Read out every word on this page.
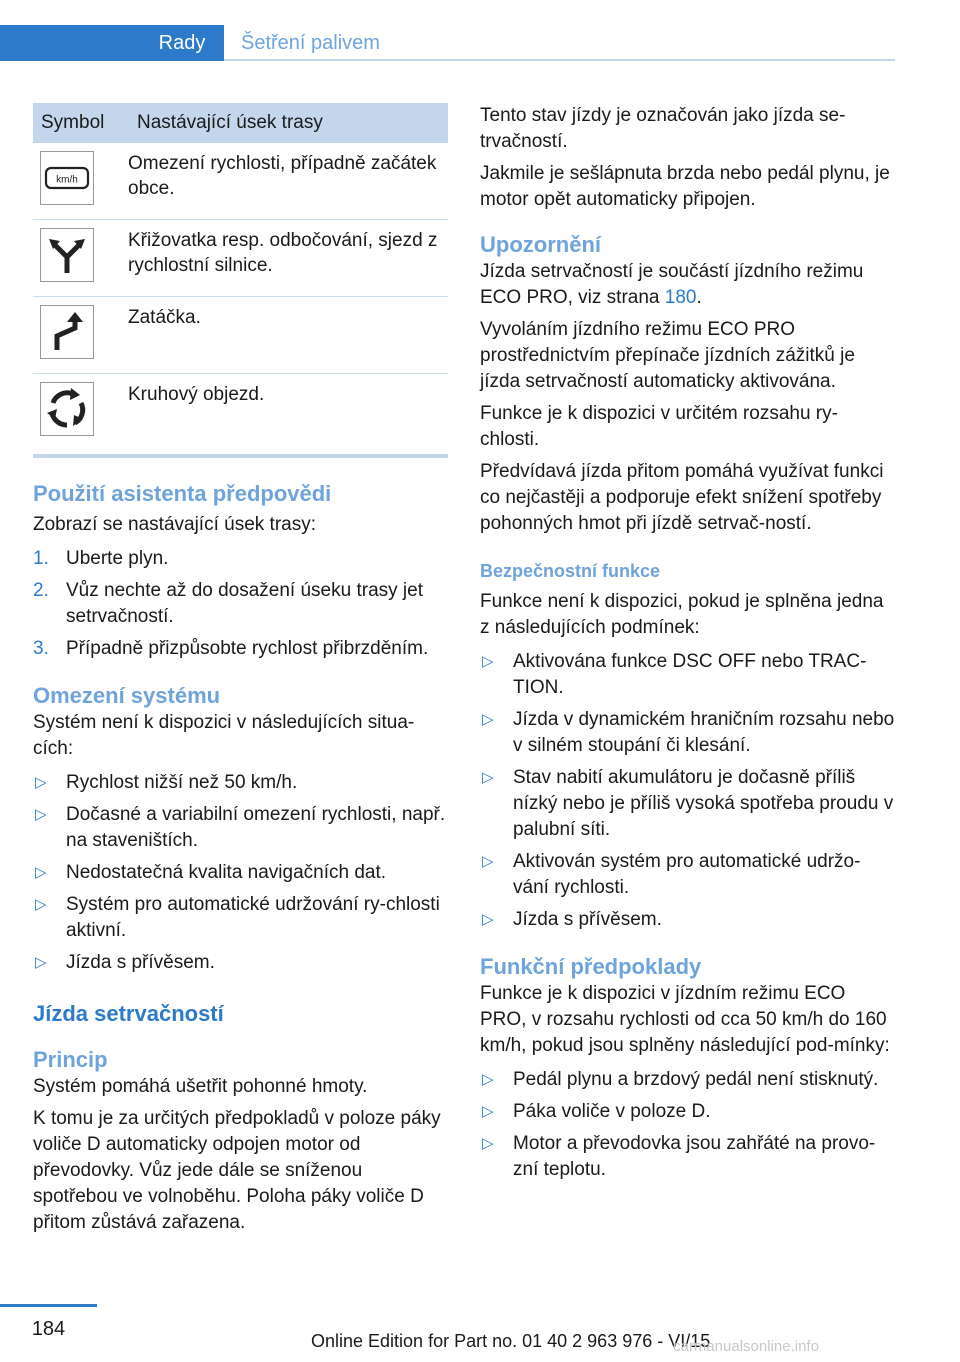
Rady	Šetření palivem
Symbol	Nastávající úsek trasy

km/h	Omezení rychlosti, případně začátek obce.

	Křižovatka resp. odbočování, sjezd z rychlostní silnice.

	Zatáčka.

	Kruhový objezd.
Použití asistenta předpovědi

Zobrazí se nastávající úsek trasy:

1. Uberte plyn.
2. Vůz nechte až do dosažení úseku trasy jet setrvačností.
3. Případně přizpůsobte rychlost přibrzděním.
Omezení systému

Systém není k dispozici v následujících situa-cích:

▷ Rychlost nižší než 50 km/h.
▷ Dočasné a variabilní omezení rychlosti, např. na staveništích.
▷ Nedostatečná kvalita navigačních dat.
▷ Systém pro automatické udržování ry-chlosti aktivní.
▷ Jízda s přívěsem.
Jízda setrvačností
Princip

Systém pomáhá ušetřit pohonné hmoty.

K tomu je za určitých předpokladů v poloze páky voliče D automaticky odpojen motor od převodovky. Vůz jede dále se sníženou spotřebou ve volnoběhu. Poloha páky voliče D přitom zůstává zařazena.

Tento stav jízdy je označován jako jízda se-trvačností.

Jakmile je sešlápnuta brzda nebo pedál plynu, je motor opět automaticky připojen.

Upozornění

Jízda setrvačností je součástí jízdního režimu ECO PRO, viz strana 180.

Vyvoláním jízdního režimu ECO PRO prostřednictvím přepínače jízdních zážitků je jízda setrvačností automaticky aktivována.

Funkce je k dispozici v určitém rozsahu ry-chlosti.

Předvídavá jízda přitom pomáhá využívat funkci co nejčastěji a podporuje efekt snížení spotřeby pohonných hmot při jízdě setrvač-ností.

Bezpečnostní funkce

Funkce není k dispozici, pokud je splněna jedna z následujících podmínek:

▷ Aktivována funkce DSC OFF nebo TRAC-TION.
▷ Jízda v dynamickém hraničním rozsahu nebo v silném stoupání či klesání.
▷ Stav nabití akumulátoru je dočasně příliš nízký nebo je příliš vysoká spotřeba proudu v palubní síti.
▷ Aktivován systém pro automatické udržo-vání rychlosti.
▷ Jízda s přívěsem.
Funkční předpoklady

Funkce je k dispozici v jízdním režimu ECO PRO, v rozsahu rychlosti od cca 50 km/h do 160 km/h, pokud jsou splněny následující pod-mínky:

▷ Pedál plynu a brzdový pedál není stisknutý.
▷ Páka voliče v poloze D.
▷ Motor a převodovka jsou zahřáté na provo-zní teplotu.
184
Online Edition for Part no. 01 40 2 963 976 - VI/15
carmanualsonline.info
